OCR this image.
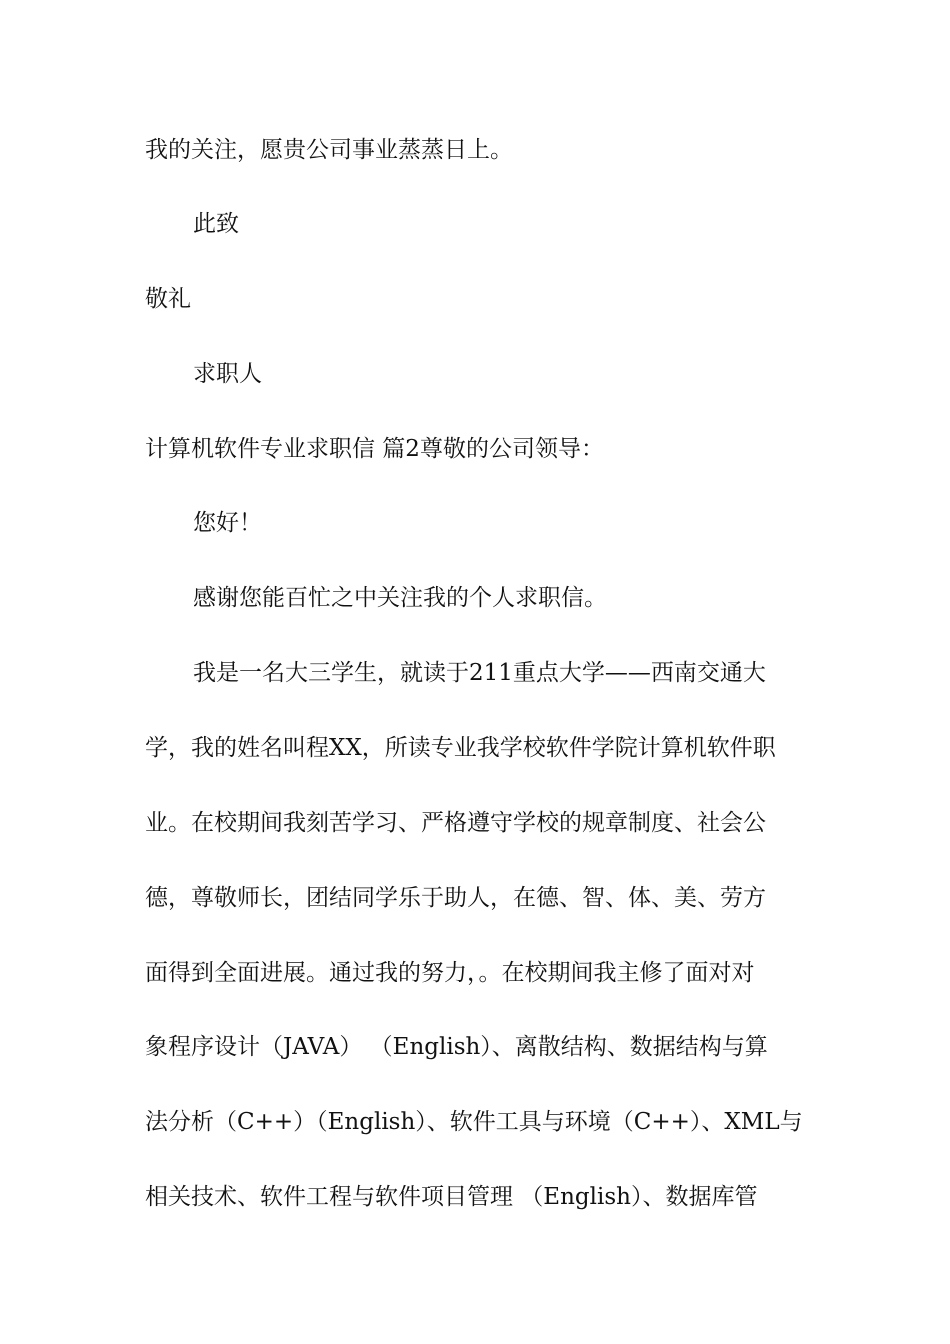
我的关注，愿贵公司事业蒸蒸日上。
此致
敬礼
求职人
计算机软件专业求职信 篇2尊敬的公司领导：
您好！
感谢您能百忙之中关注我的个人求职信。
我是一名大三学生，就读于211重点大学——西南交通大
学，我的姓名叫程XX，所读专业我学校软件学院计算机软件职
业。在校期间我刻苦学习、严格遵守学校的规章制度、社会公
德，尊敬师长，团结同学乐于助人，在德、智、体、美、劳方
面得到全面进展。通过我的努力，。在校期间我主修了面对对
象程序设计（JAVA） （English）、离散结构、数据结构与算
法分析（C++）（English）、软件工具与环境（C++）、XML与
相关技术、软件工程与软件项目管理 （English）、数据库管
